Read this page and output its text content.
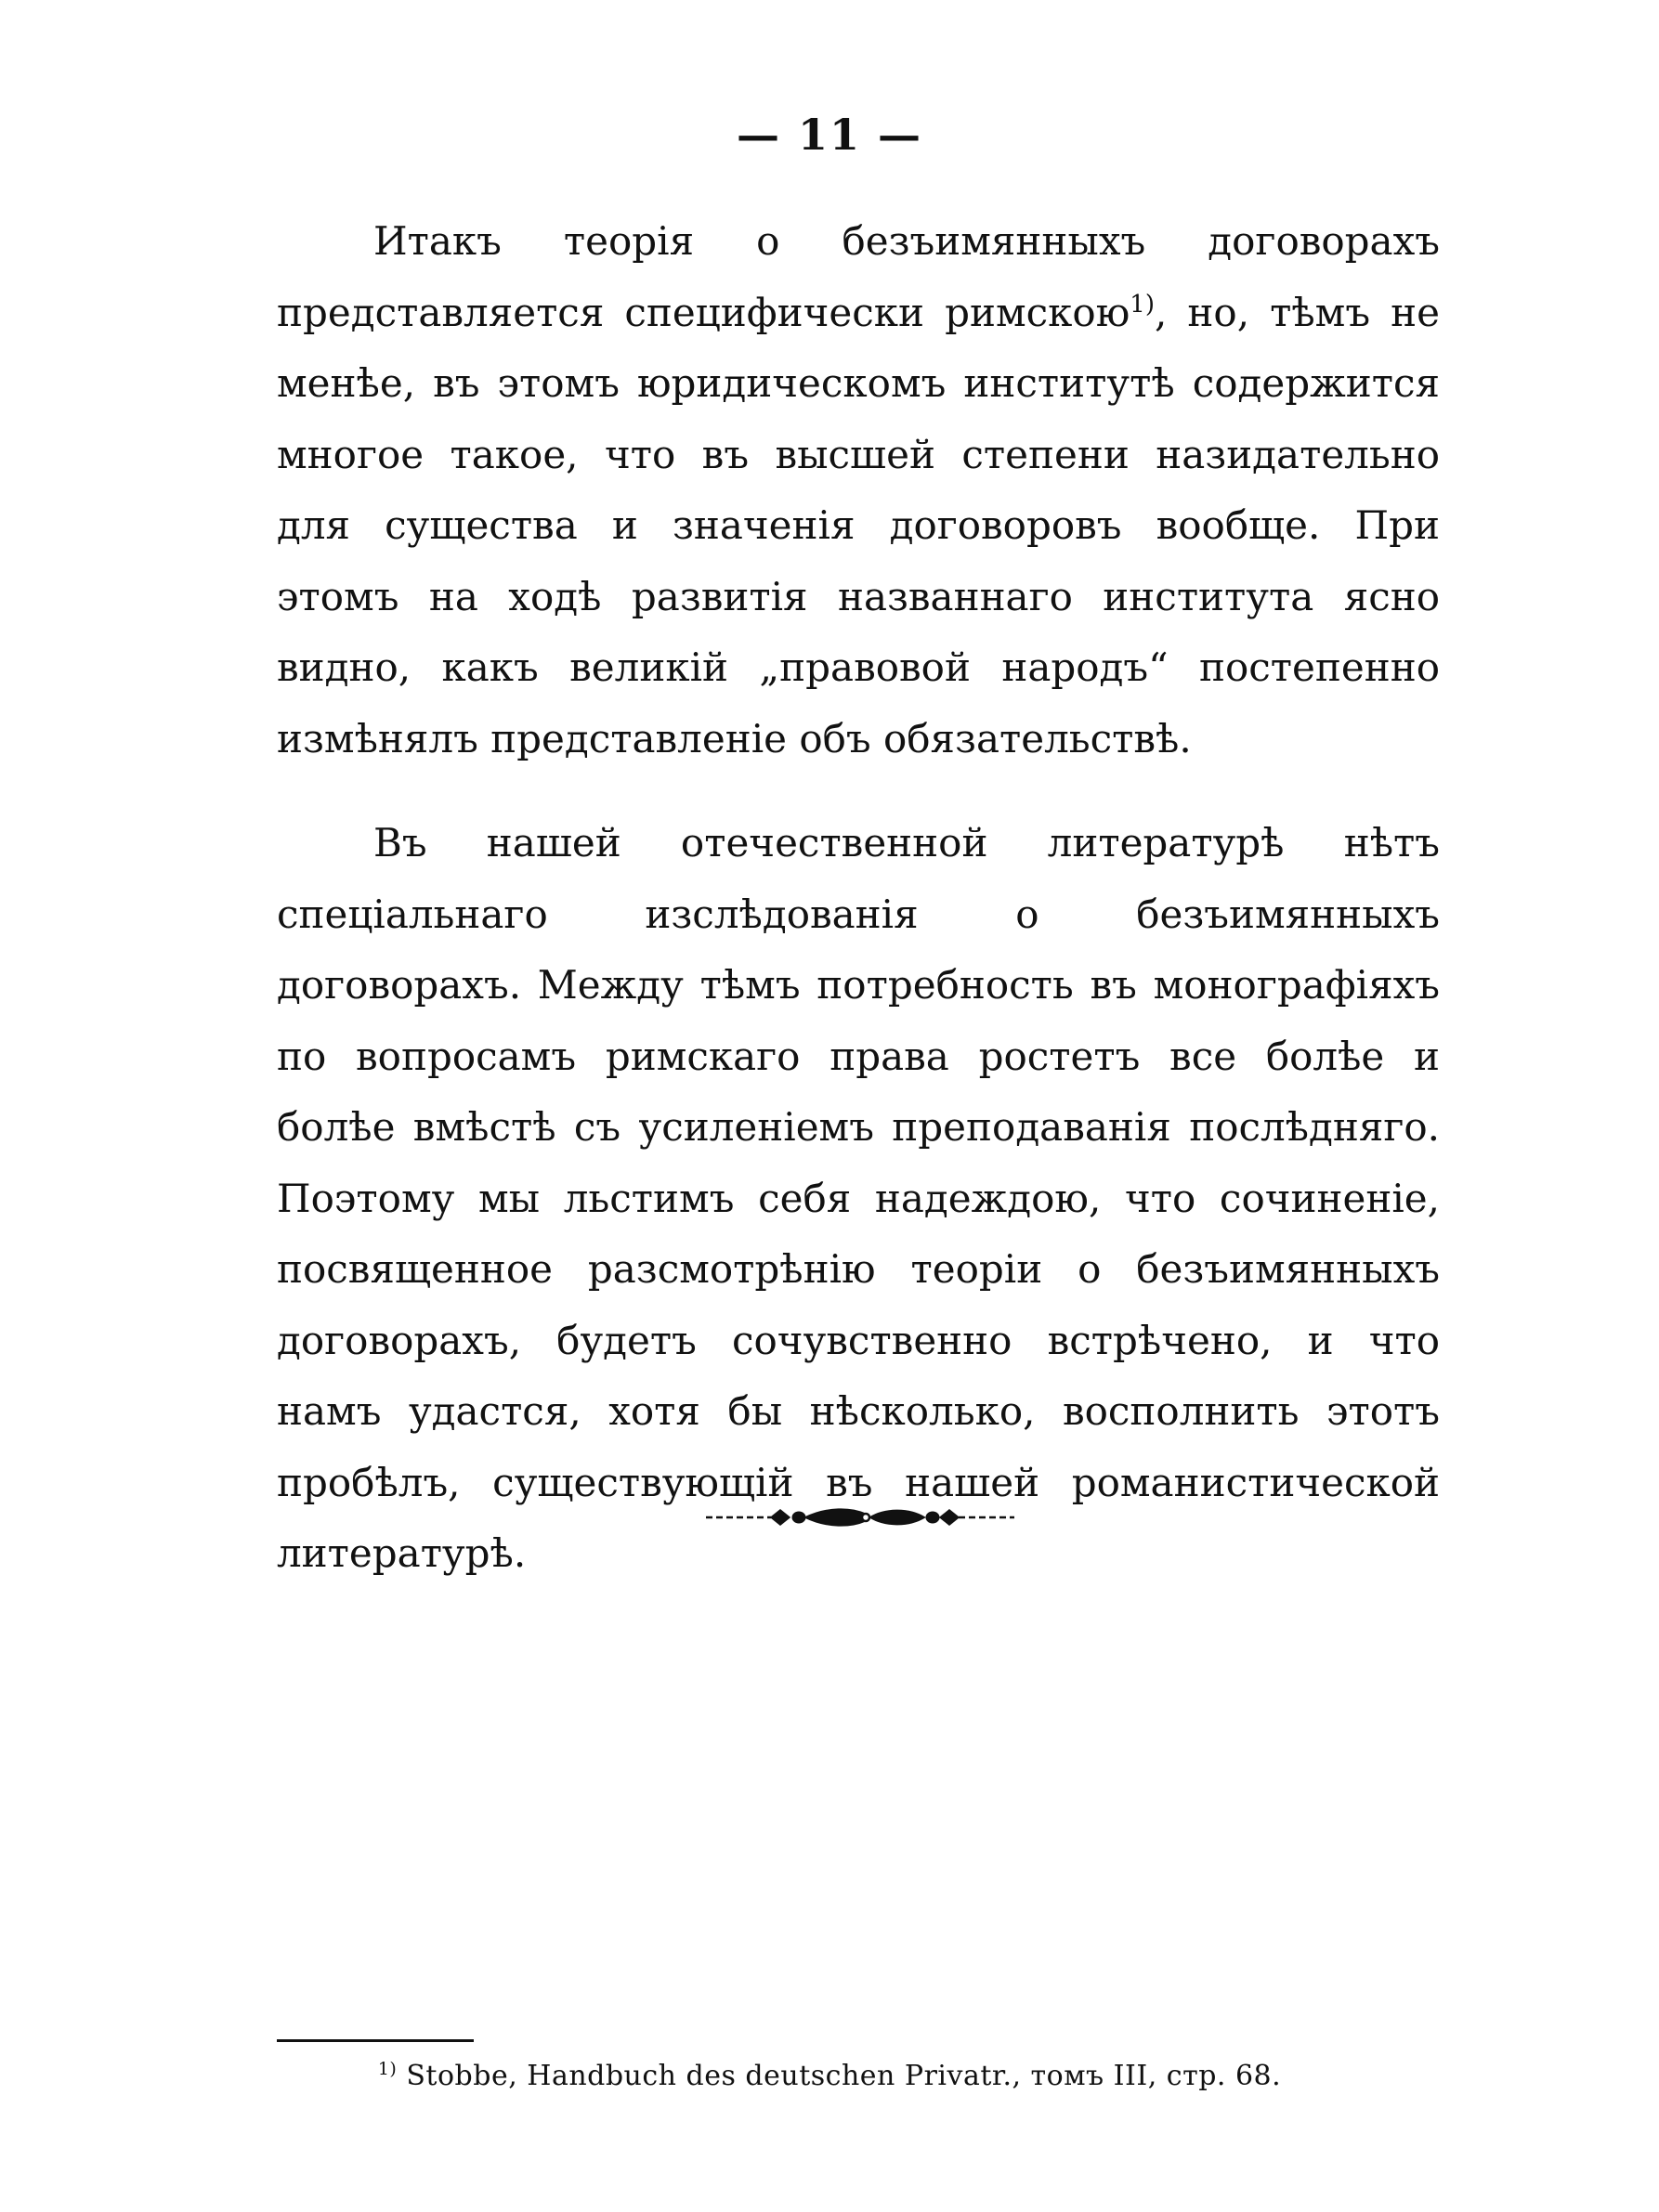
— 11 —

Итакъ теорія о безъимянныхъ договорахъ представляется специфически римскою$^{1)}$, но, тѣмъ не менѣе, въ этомъ юридическомъ институтѣ содержится многое такое, что въ высшей степени назидательно для существа и значенія договоровъ вообще. При этомъ на ходѣ развитія названнаго института ясно видно, какъ великій „правовой народъ“ постепенно измѣнялъ представленіе объ обязательствѣ.

Въ нашей отечественной литературѣ нѣтъ спеціальнаго изслѣдованія о безъимянныхъ договорахъ. Между тѣмъ потребность въ монографіяхъ по вопросамъ римскаго права ростетъ все болѣе и болѣе вмѣстѣ съ усиленіемъ преподаванія послѣдняго. Поэтому мы льстимъ себя надеждою, что сочиненіе, посвященное разсмотрѣнію теоріи о безъимянныхъ договорахъ, будетъ сочувственно встрѣчено, и что намъ удастся, хотя бы нѣсколько, восполнить этотъ пробѣлъ, существующій въ нашей романистической литературѣ.

$^{1)}$ Stobbe, Handbuch des deutschen Privatr., томъ III, стр. 68.
